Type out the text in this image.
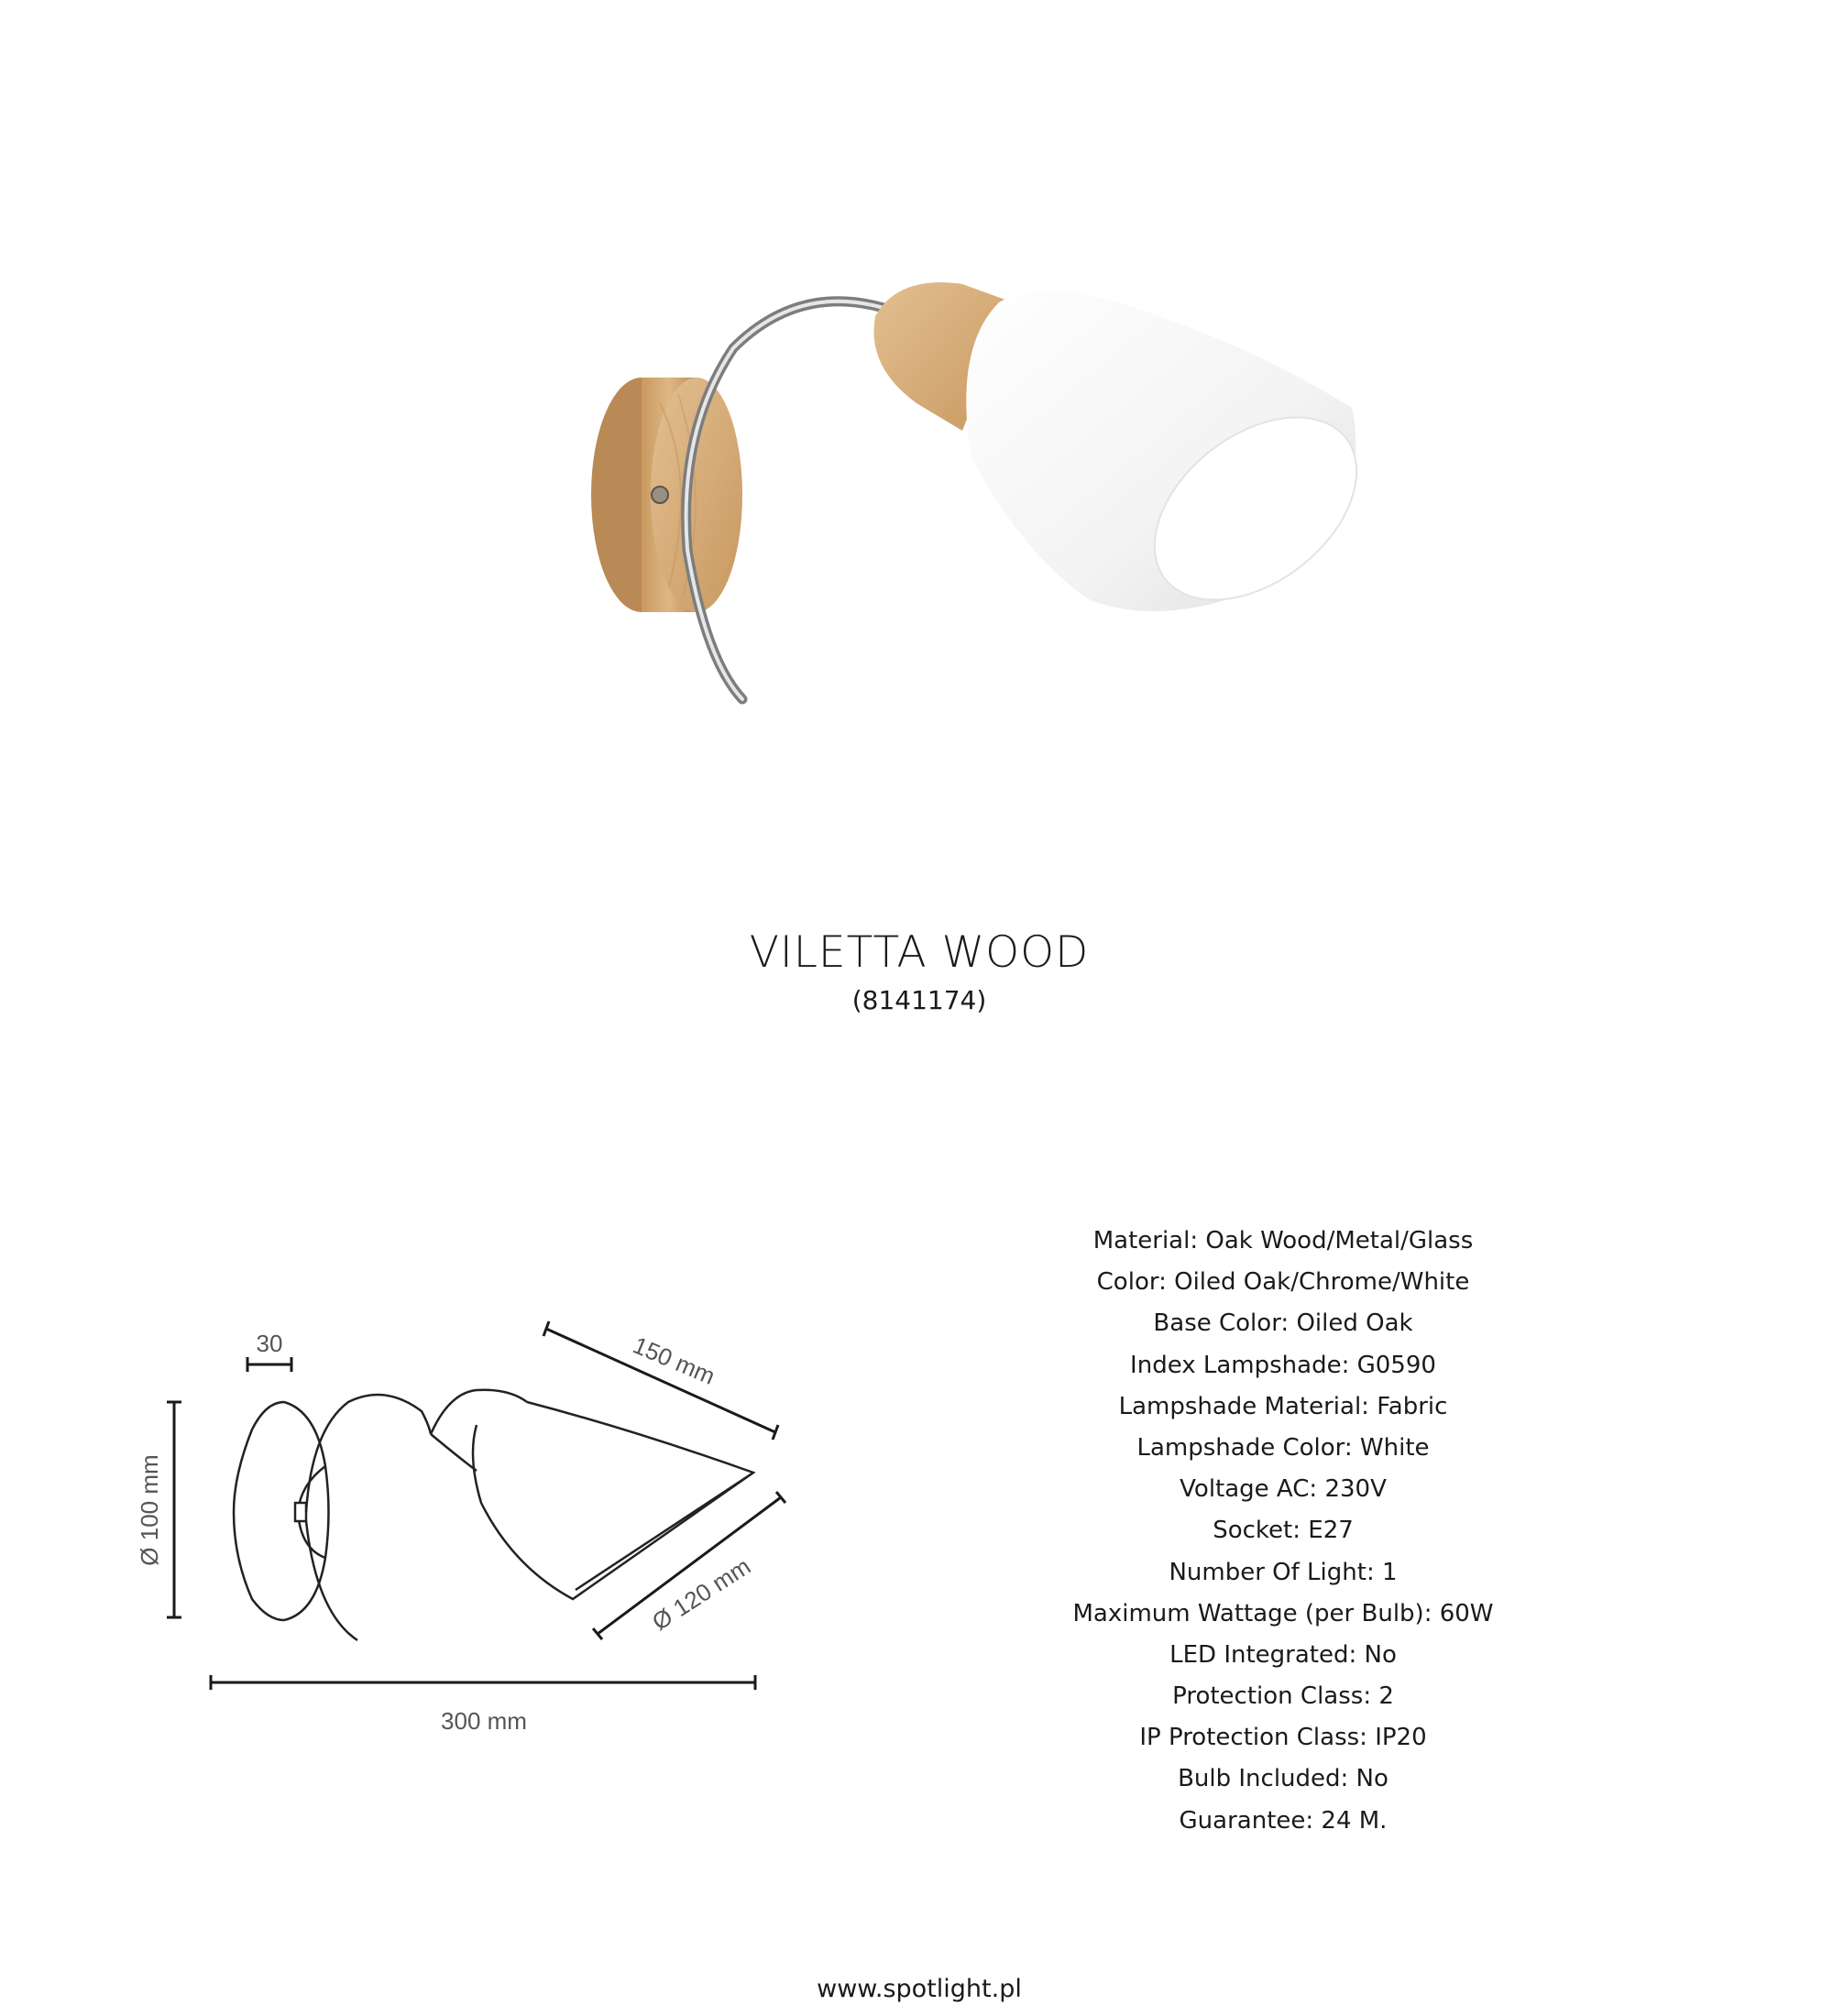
VILETTA WOOD
(8141174)
30	150 mm
Ø 100 mm
Ø 120 mm
300 mm
Material: Oak Wood/Metal/Glass
Color: Oiled Oak/Chrome/White
Base Color: Oiled Oak
Index Lampshade: G0590
Lampshade Material: Fabric
Lampshade Color: White
Voltage AC: 230V
Socket: E27
Number Of Light: 1
Maximum Wattage (per Bulb): 60W
LED Integrated: No
Protection Class: 2
IP Protection Class: IP20
Bulb Included: No
Guarantee: 24 M.
www.spotlight.pl
